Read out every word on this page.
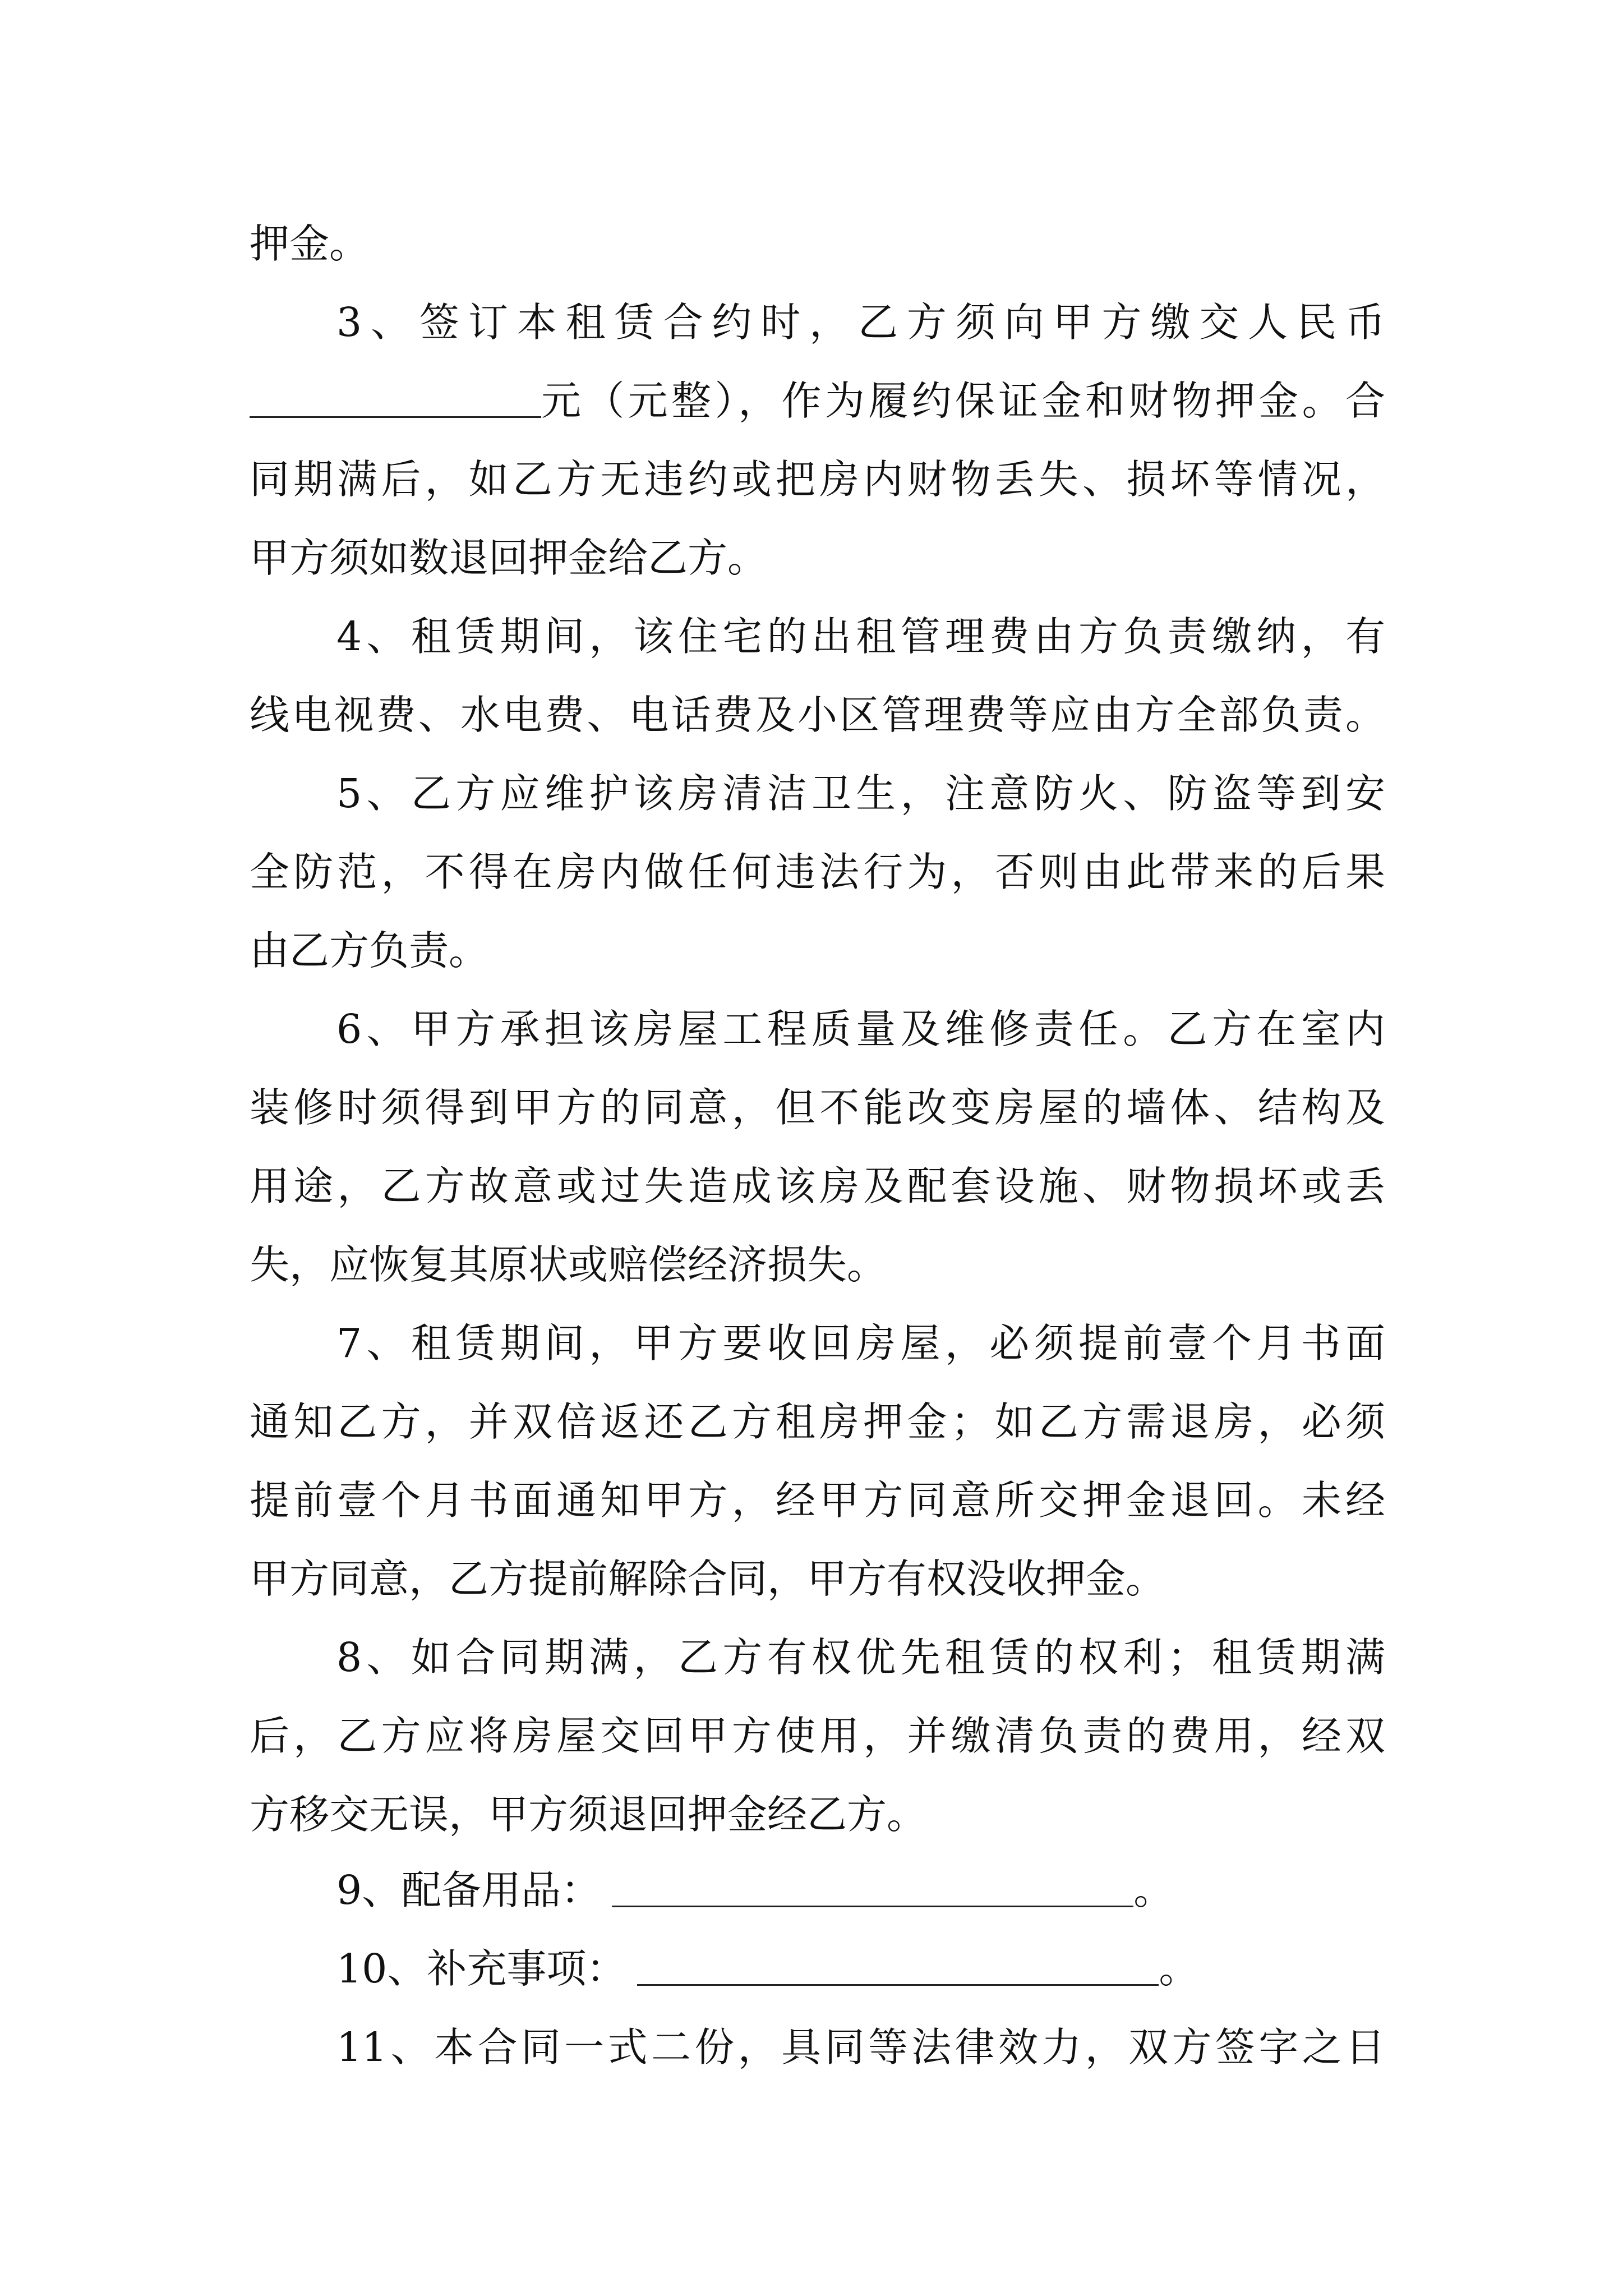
押金。
3、签订本租赁合约时，乙方须向甲方缴交人民币
元（元整），作为履约保证金和财物押金。合
同期满后，如乙方无违约或把房内财物丢失、损坏等情况，
甲方须如数退回押金给乙方。
4、租赁期间，该住宅的出租管理费由方负责缴纳，有
线电视费、水电费、电话费及小区管理费等应由方全部负责。
5、乙方应维护该房清洁卫生，注意防火、防盗等到安
全防范，不得在房内做任何违法行为，否则由此带来的后果
由乙方负责。
6、甲方承担该房屋工程质量及维修责任。乙方在室内
装修时须得到甲方的同意，但不能改变房屋的墙体、结构及
用途，乙方故意或过失造成该房及配套设施、财物损坏或丢
失，应恢复其原状或赔偿经济损失。
7、租赁期间，甲方要收回房屋，必须提前壹个月书面
通知乙方，并双倍返还乙方租房押金；如乙方需退房，必须
提前壹个月书面通知甲方，经甲方同意所交押金退回。未经
甲方同意，乙方提前解除合同，甲方有权没收押金。
8、如合同期满，乙方有权优先租赁的权利；租赁期满
后，乙方应将房屋交回甲方使用，并缴清负责的费用，经双
方移交无误，甲方须退回押金经乙方。
9、配备用品：	。
10、补充事项：	。
11、本合同一式二份，具同等法律效力，双方签字之日
